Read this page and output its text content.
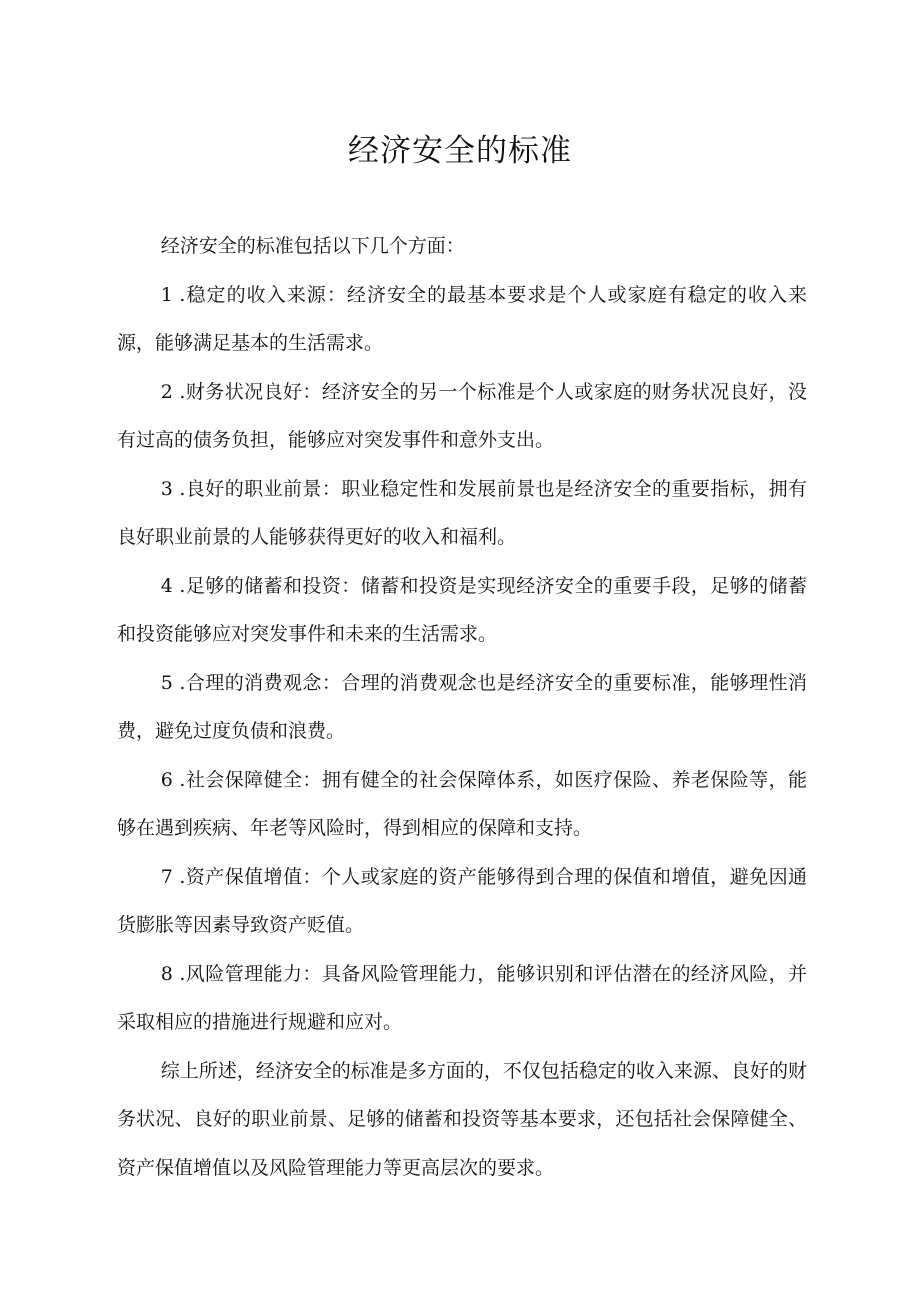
经济安全的标准

经济安全的标准包括以下几个方面：

1 .稳定的收入来源：经济安全的最基本要求是个人或家庭有稳定的收入来源，能够满足基本的生活需求。

2 .财务状况良好：经济安全的另一个标准是个人或家庭的财务状况良好，没有过高的债务负担，能够应对突发事件和意外支出。

3 .良好的职业前景：职业稳定性和发展前景也是经济安全的重要指标，拥有良好职业前景的人能够获得更好的收入和福利。

4 .足够的储蓄和投资：储蓄和投资是实现经济安全的重要手段，足够的储蓄和投资能够应对突发事件和未来的生活需求。

5 .合理的消费观念：合理的消费观念也是经济安全的重要标准，能够理性消费，避免过度负债和浪费。

6 .社会保障健全：拥有健全的社会保障体系，如医疗保险、养老保险等，能够在遇到疾病、年老等风险时，得到相应的保障和支持。

7 .资产保值增值：个人或家庭的资产能够得到合理的保值和增值，避免因通货膨胀等因素导致资产贬值。

8 .风险管理能力：具备风险管理能力，能够识别和评估潜在的经济风险，并采取相应的措施进行规避和应对。

综上所述，经济安全的标准是多方面的，不仅包括稳定的收入来源、良好的财务状况、良好的职业前景、足够的储蓄和投资等基本要求，还包括社会保障健全、资产保值增值以及风险管理能力等更高层次的要求。
